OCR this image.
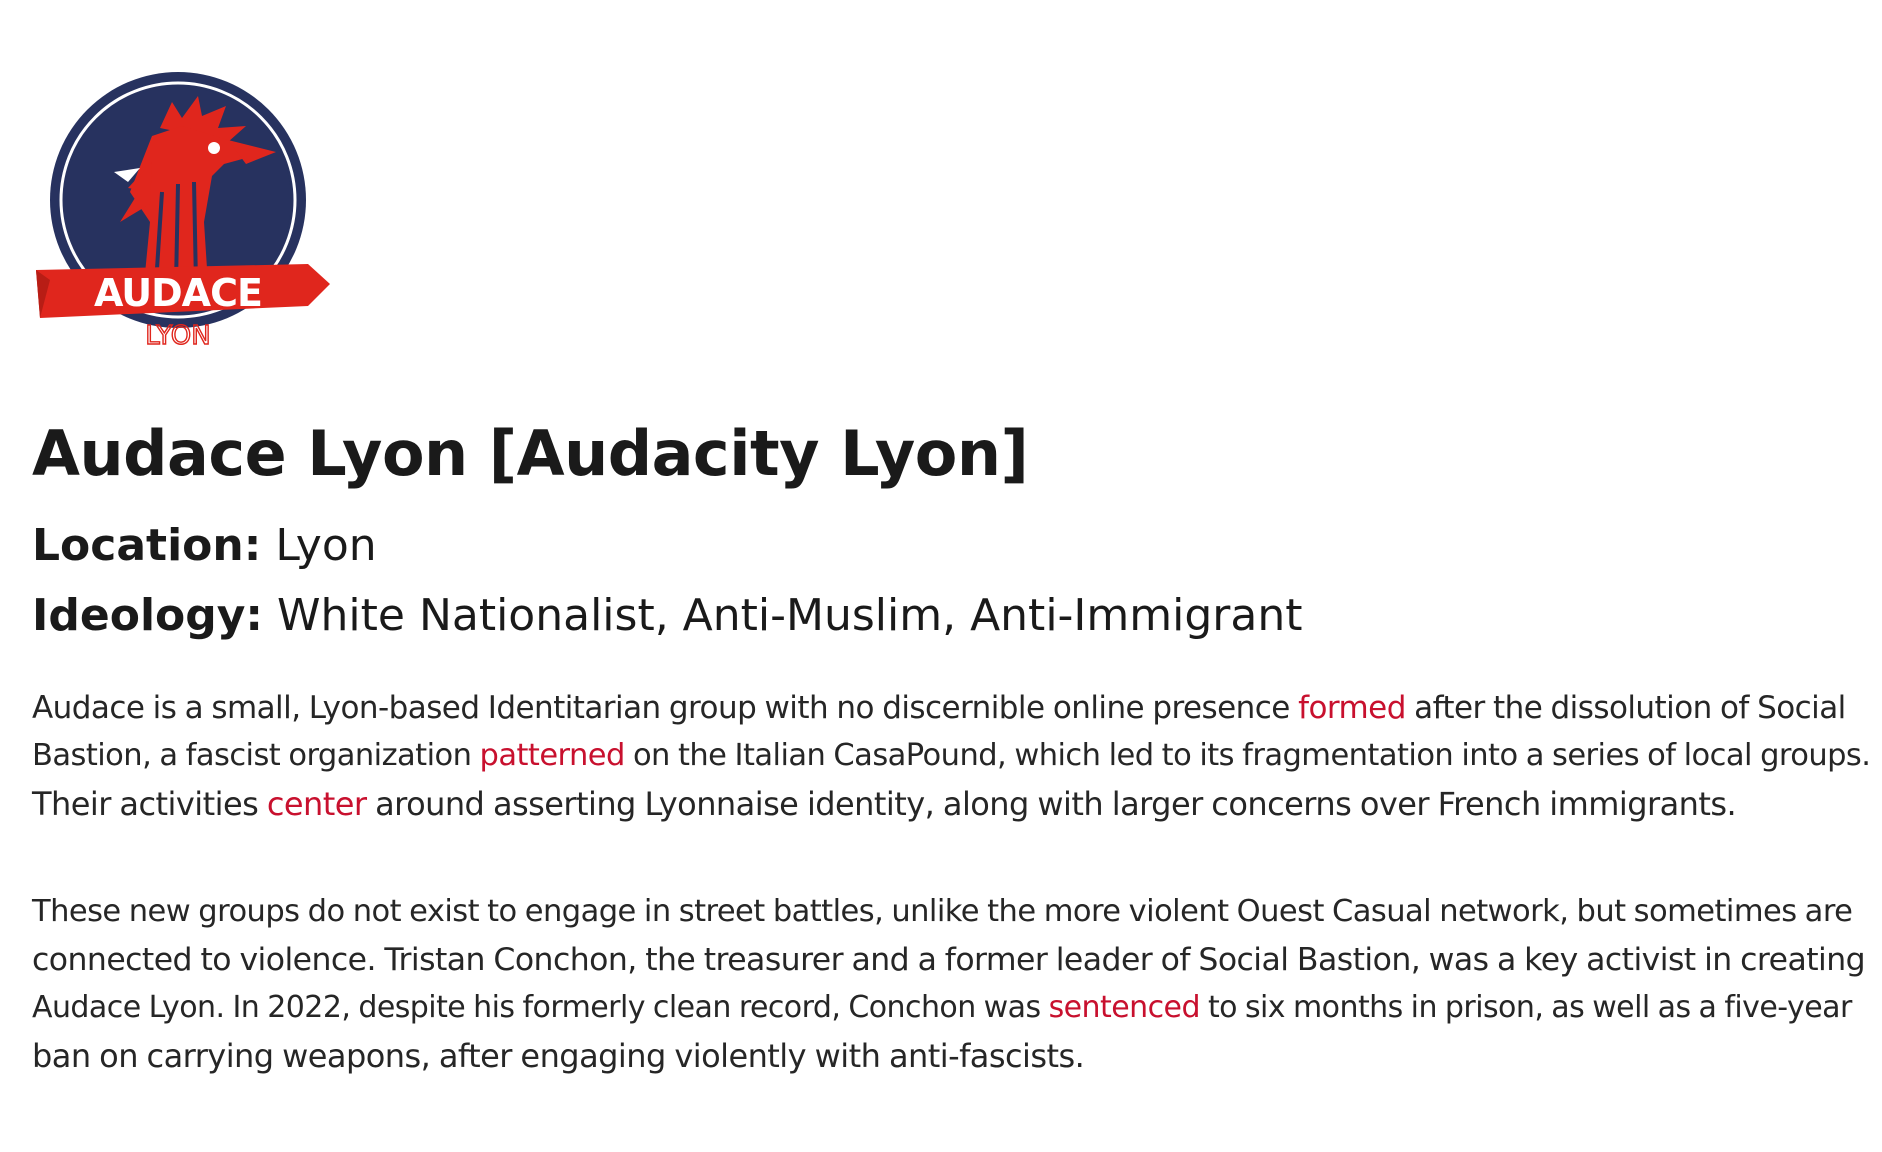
AUDACE
LYON
Audace Lyon [Audacity Lyon]
Location: Lyon
Ideology: White Nationalist, Anti-Muslim, Anti-Immigrant

Audace is a small, Lyon-based Identitarian group with no discernible online presence formed after the dissolution of Social
Bastion, a fascist organization patterned on the Italian CasaPound, which led to its fragmentation into a series of local groups.
Their activities center around asserting Lyonnaise identity, along with larger concerns over French immigrants.

These new groups do not exist to engage in street battles, unlike the more violent Ouest Casual network, but sometimes are
connected to violence. Tristan Conchon, the treasurer and a former leader of Social Bastion, was a key activist in creating
Audace Lyon. In 2022, despite his formerly clean record, Conchon was sentenced to six months in prison, as well as a five-year
ban on carrying weapons, after engaging violently with anti-fascists.
